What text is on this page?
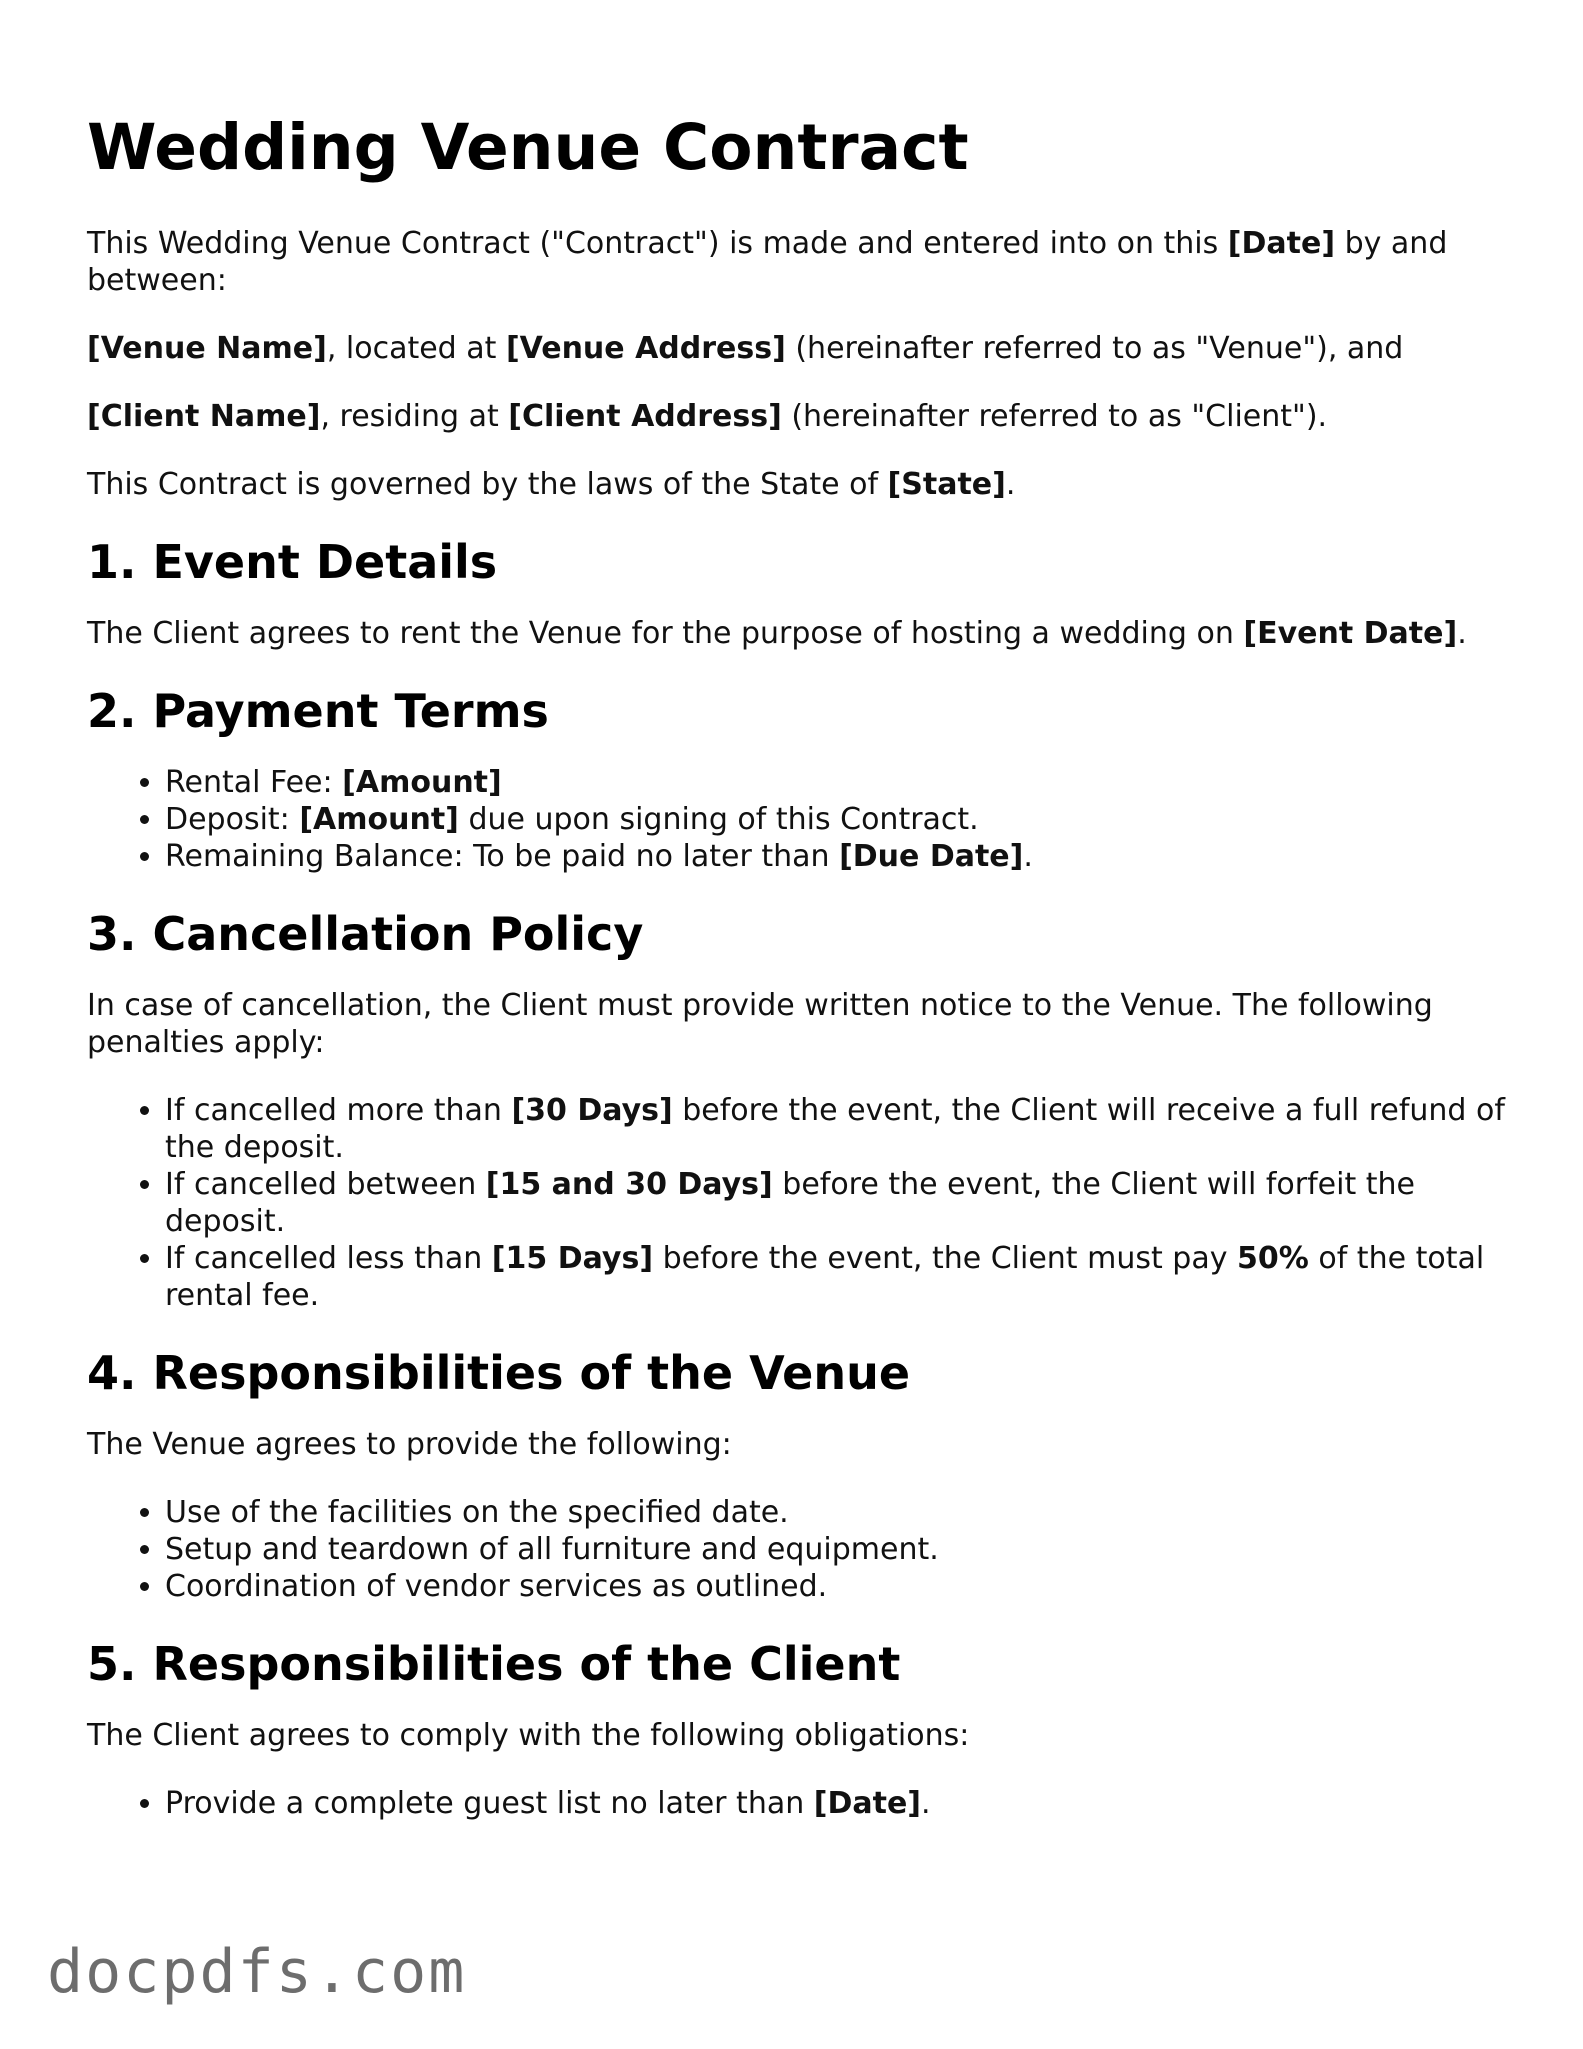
Wedding Venue Contract

This Wedding Venue Contract ("Contract") is made and entered into on this [Date] by and between:

[Venue Name], located at [Venue Address] (hereinafter referred to as "Venue"), and

[Client Name], residing at [Client Address] (hereinafter referred to as "Client").

This Contract is governed by the laws of the State of [State].

1. Event Details

The Client agrees to rent the Venue for the purpose of hosting a wedding on [Event Date].

2. Payment Terms
• Rental Fee: [Amount]
• Deposit: [Amount] due upon signing of this Contract.
• Remaining Balance: To be paid no later than [Due Date].
3. Cancellation Policy

In case of cancellation, the Client must provide written notice to the Venue. The following penalties apply:

• If cancelled more than [30 Days] before the event, the Client will receive a full refund of the deposit.
• If cancelled between [15 and 30 Days] before the event, the Client will forfeit the deposit.
• If cancelled less than [15 Days] before the event, the Client must pay 50% of the total rental fee.
4. Responsibilities of the Venue

The Venue agrees to provide the following:

• Use of the facilities on the specified date.
• Setup and teardown of all furniture and equipment.
• Coordination of vendor services as outlined.
5. Responsibilities of the Client

The Client agrees to comply with the following obligations:

• Provide a complete guest list no later than [Date].
docpdfs.com
